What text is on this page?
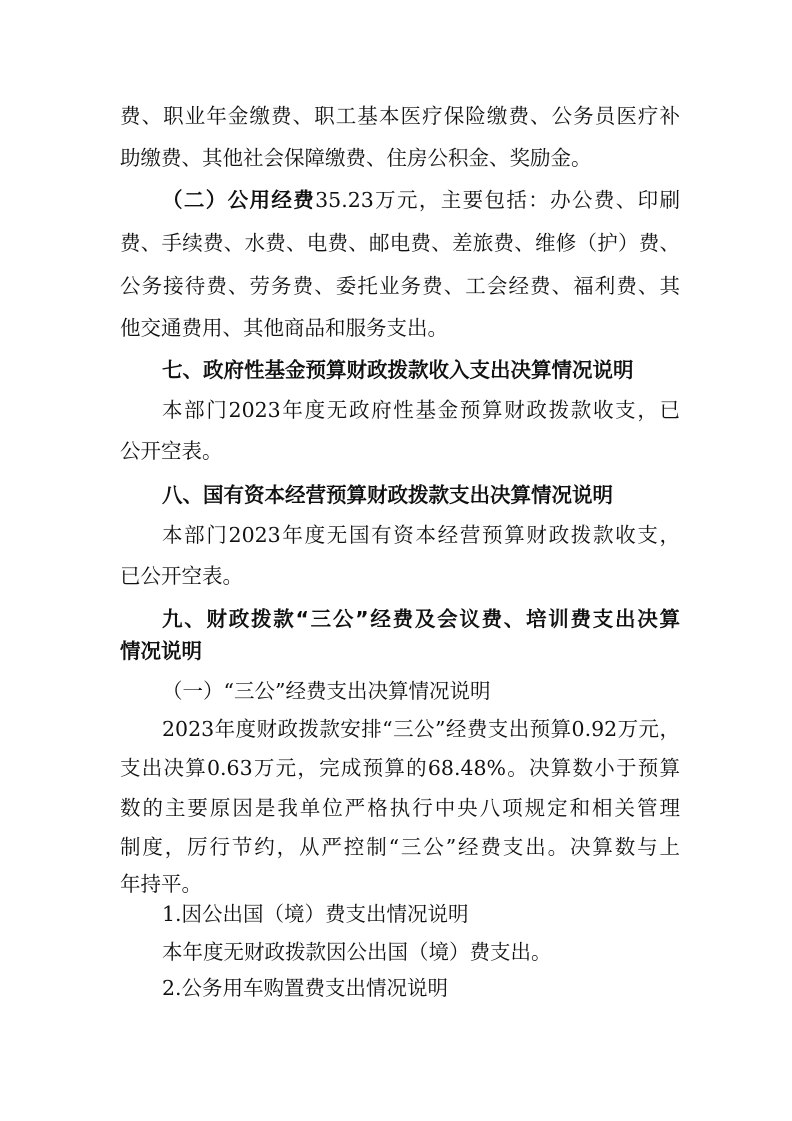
费、职业年金缴费、职工基本医疗保险缴费、公务员医疗补
助缴费、其他社会保障缴费、住房公积金、奖励金。
（二）公用经费35.23万元，主要包括：办公费、印刷
费、手续费、水费、电费、邮电费、差旅费、维修（护）费、
公务接待费、劳务费、委托业务费、工会经费、福利费、其
他交通费用、其他商品和服务支出。
七、政府性基金预算财政拨款收入支出决算情况说明
本部门2023年度无政府性基金预算财政拨款收支，已
公开空表。
八、国有资本经营预算财政拨款支出决算情况说明
本部门2023年度无国有资本经营预算财政拨款收支，
已公开空表。
九、财政拨款“三公”经费及会议费、培训费支出决算
情况说明
（一）“三公”经费支出决算情况说明
2023年度财政拨款安排“三公”经费支出预算0.92万元，
支出决算0.63万元，完成预算的68.48%。决算数小于预算
数的主要原因是我单位严格执行中央八项规定和相关管理
制度，厉行节约，从严控制“三公”经费支出。决算数与上
年持平。
1.因公出国（境）费支出情况说明
本年度无财政拨款因公出国（境）费支出。
2.公务用车购置费支出情况说明
